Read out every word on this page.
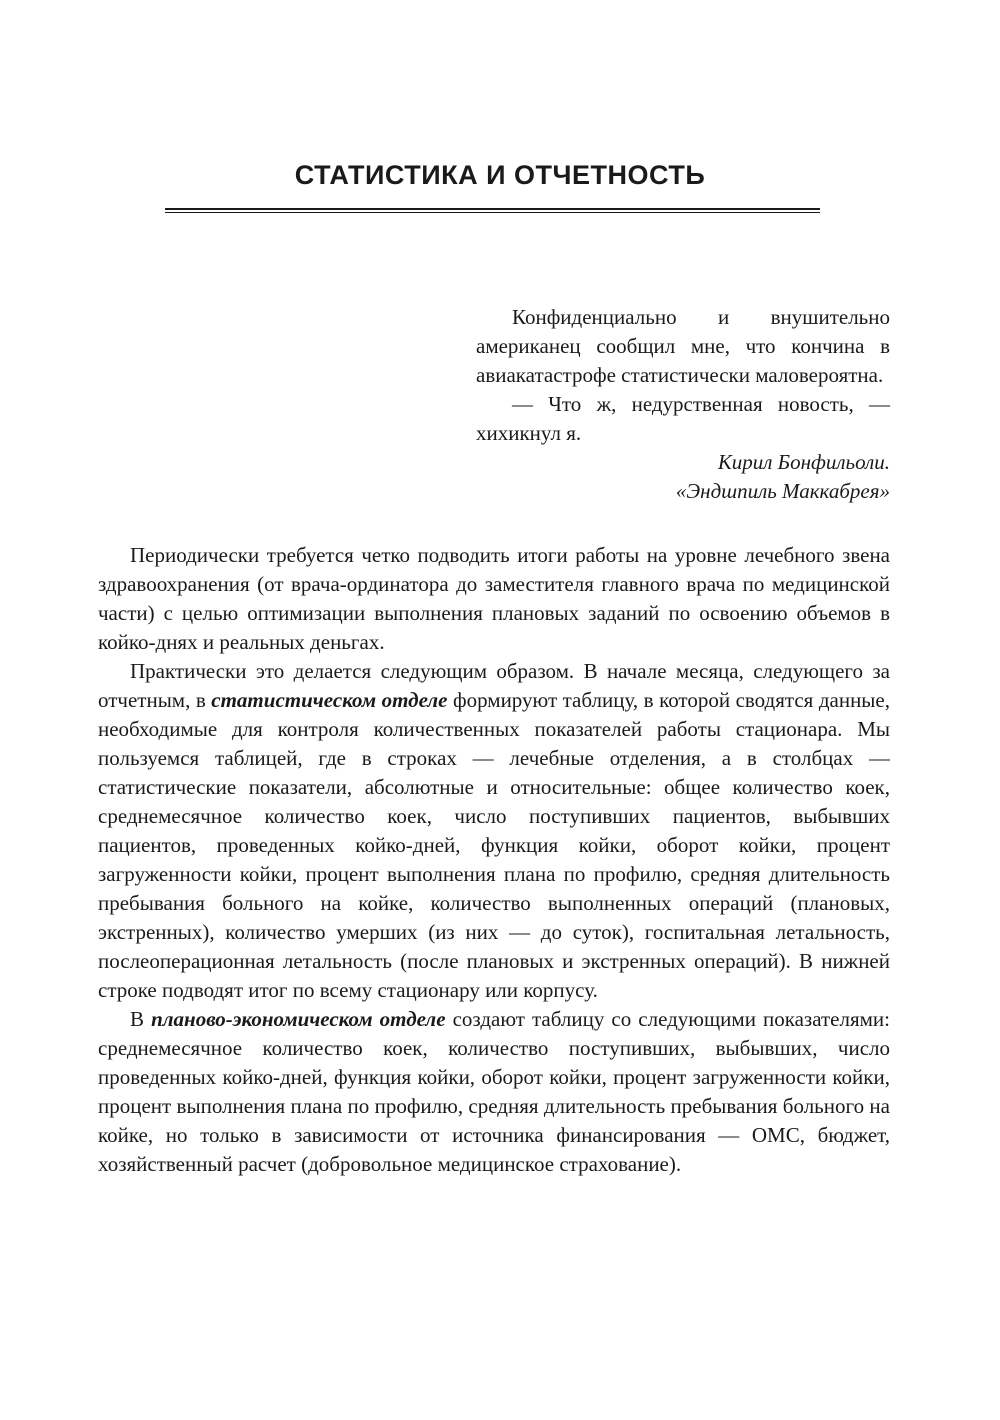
СТАТИСТИКА И ОТЧЕТНОСТЬ

Конфиденциально и внушительно американец сообщил мне, что кончина в авиакатастрофе статистически маловероятна.

— Что ж, недурственная новость, — хихикнул я.

Кирил Бонфильоли.

«Эндшпиль Маккабрея»

Периодически требуется четко подводить итоги работы на уровне лечебного звена здравоохранения (от врача-ординатора до заместителя главного врача по медицинской части) с целью оптимизации выполнения плановых заданий по освоению объемов в койко-днях и реальных деньгах.

Практически это делается следующим образом. В начале месяца, следующего за отчетным, в статистическом отделе формируют таблицу, в которой сводятся данные, необходимые для контроля количественных показателей работы стационара. Мы пользуемся таблицей, где в строках — лечебные отделения, а в столбцах — статистические показатели, абсолютные и относительные: общее количество коек, среднемесячное количество коек, число поступивших пациентов, выбывших пациентов, проведенных койко-дней, функция койки, оборот койки, процент загруженности койки, процент выполнения плана по профилю, средняя длительность пребывания больного на койке, количество выполненных операций (плановых, экстренных), количество умерших (из них — до суток), госпитальная летальность, послеоперационная летальность (после плановых и экстренных операций). В нижней строке подводят итог по всему стационару или корпусу.

В планово-экономическом отделе создают таблицу со следующими показателями: среднемесячное количество коек, количество поступивших, выбывших, число проведенных койко-дней, функция койки, оборот койки, процент загруженности койки, процент выполнения плана по профилю, средняя длительность пребывания больного на койке, но только в зависимости от источника финансирования — ОМС, бюджет, хозяйственный расчет (добровольное медицинское страхование).
